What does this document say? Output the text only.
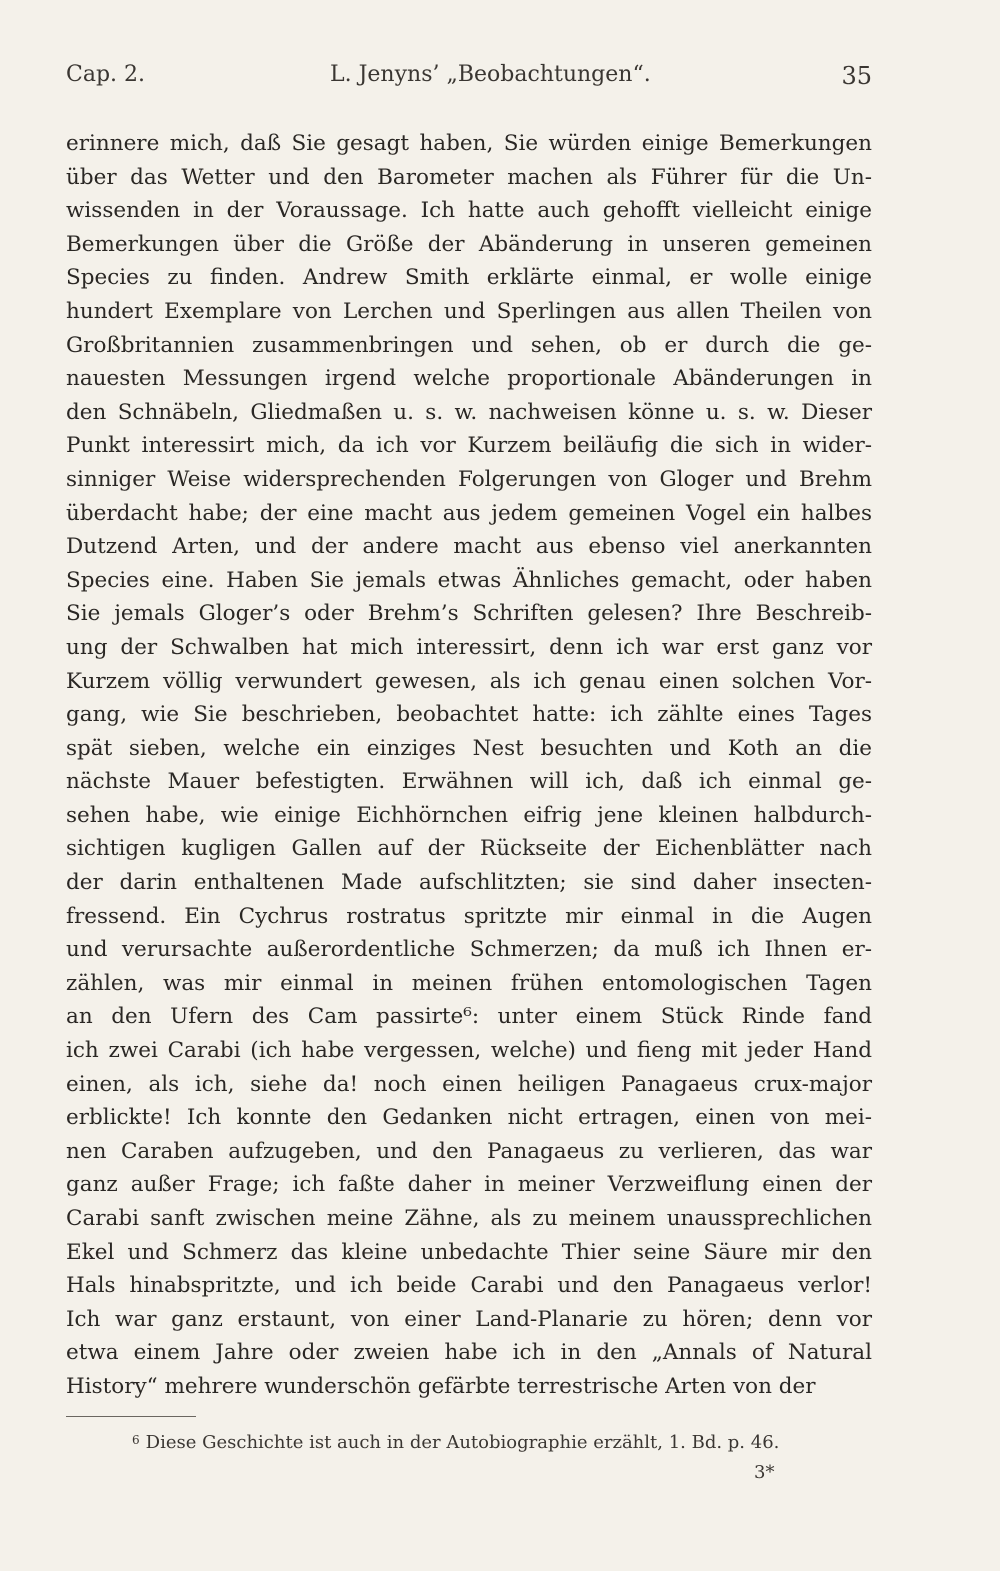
Cap. 2.	L. Jenyns’ „Beobachtungen“.	35
erinnere mich, daß Sie gesagt haben, Sie würden einige Bemerkungen
über das Wetter und den Barometer machen als Führer für die Un-
wissenden in der Voraussage. Ich hatte auch gehofft vielleicht einige
Bemerkungen über die Größe der Abänderung in unseren gemeinen
Species zu finden. Andrew Smith erklärte einmal, er wolle einige
hundert Exemplare von Lerchen und Sperlingen aus allen Theilen von
Großbritannien zusammenbringen und sehen, ob er durch die ge-
nauesten Messungen irgend welche proportionale Abänderungen in
den Schnäbeln, Gliedmaßen u. s. w. nachweisen könne u. s. w. Dieser
Punkt interessirt mich, da ich vor Kurzem beiläufig die sich in wider-
sinniger Weise widersprechenden Folgerungen von Gloger und Brehm
überdacht habe; der eine macht aus jedem gemeinen Vogel ein halbes
Dutzend Arten, und der andere macht aus ebenso viel anerkannten
Species eine. Haben Sie jemals etwas Ähnliches gemacht, oder haben
Sie jemals Gloger’s oder Brehm’s Schriften gelesen? Ihre Beschreib-
ung der Schwalben hat mich interessirt, denn ich war erst ganz vor
Kurzem völlig verwundert gewesen, als ich genau einen solchen Vor-
gang, wie Sie beschrieben, beobachtet hatte: ich zählte eines Tages
spät sieben, welche ein einziges Nest besuchten und Koth an die
nächste Mauer befestigten. Erwähnen will ich, daß ich einmal ge-
sehen habe, wie einige Eichhörnchen eifrig jene kleinen halbdurch-
sichtigen kugligen Gallen auf der Rückseite der Eichenblätter nach
der darin enthaltenen Made aufschlitzten; sie sind daher insecten-
fressend. Ein Cychrus rostratus spritzte mir einmal in die Augen
und verursachte außerordentliche Schmerzen; da muß ich Ihnen er-
zählen, was mir einmal in meinen frühen entomologischen Tagen
an den Ufern des Cam passirte⁶: unter einem Stück Rinde fand
ich zwei Carabi (ich habe vergessen, welche) und fieng mit jeder Hand
einen, als ich, siehe da! noch einen heiligen Panagaeus crux-major
erblickte! Ich konnte den Gedanken nicht ertragen, einen von mei-
nen Caraben aufzugeben, und den Panagaeus zu verlieren, das war
ganz außer Frage; ich faßte daher in meiner Verzweiflung einen der
Carabi sanft zwischen meine Zähne, als zu meinem unaussprechlichen
Ekel und Schmerz das kleine unbedachte Thier seine Säure mir den
Hals hinabspritzte, und ich beide Carabi und den Panagaeus verlor!
Ich war ganz erstaunt, von einer Land-Planarie zu hören; denn vor
etwa einem Jahre oder zweien habe ich in den „Annals of Natural
History“ mehrere wunderschön gefärbte terrestrische Arten von der
$^6$ Diese Geschichte ist auch in der Autobiographie erzählt, 1. Bd. p. 46.
3*
